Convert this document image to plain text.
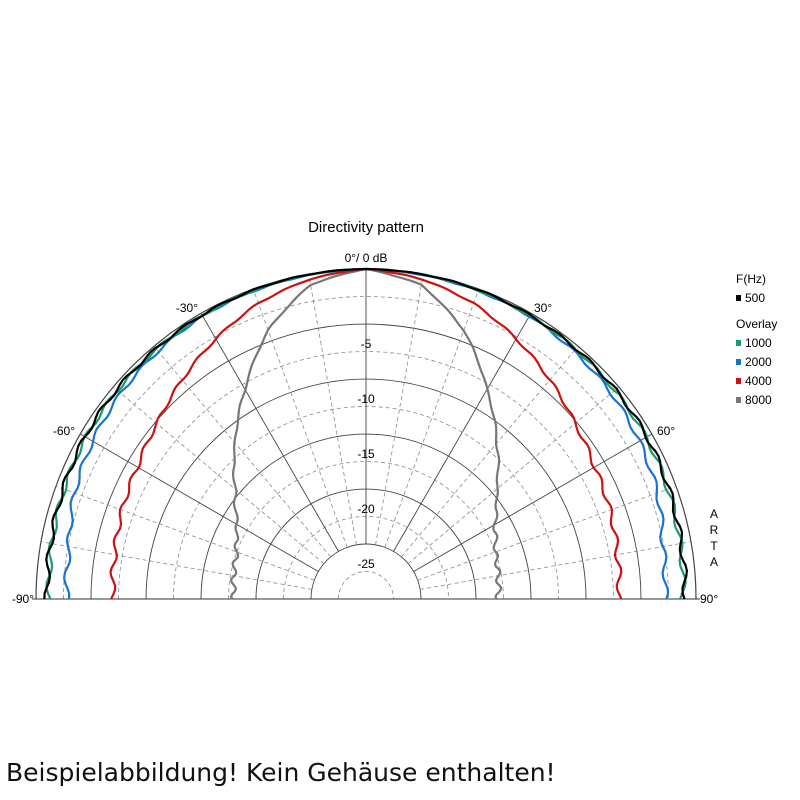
Directivity pattern
0°/ 0 dB
-5
-10
-15
-20
-25
-90°
-60°
-30°	30°
60°
90°
A
R
T
A
F(Hz)
Overlay
500
1000
2000
4000
8000
Beispielabbildung! Kein Gehäuse enthalten!
